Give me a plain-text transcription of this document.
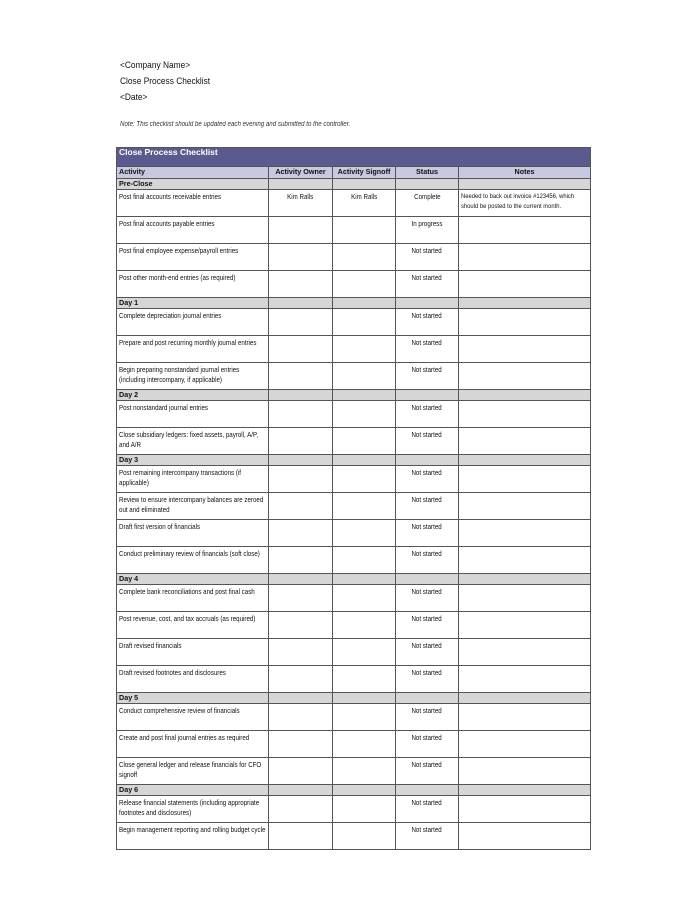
<Company Name>
Close Process Checklist
<Date>
Note: This checklist should be updated each evening and submitted to the controller.
Close Process Checklist				
Activity	Activity Owner	Activity Signoff	Status	Notes
Pre-Close				
Post final accounts receivable entries	Kim Ralls	Kim Ralls	Complete	Needed to back out invoice #123456, which should be posted to the current month.
Post final accounts payable entries			In progress	
Post final employee expense/payroll entries			Not started	
Post other month-end entries (as required)			Not started	
Day 1				
Complete depreciation journal entries			Not started	
Prepare and post recurring monthly journal entries			Not started	
Begin preparing nonstandard journal entries (including intercompany, if applicable)			Not started	
Day 2				
Post nonstandard journal entries			Not started	
Close subsidiary ledgers: fixed assets, payroll, A/P, and A/R			Not started	
Day 3				
Post remaining intercompany transactions (if applicable)			Not started	
Review to ensure intercompany balances are zeroed out and eliminated			Not started	
Draft first version of financials			Not started	
Conduct preliminary review of financials (soft close)			Not started	
Day 4				
Complete bank reconciliations and post final cash			Not started	
Post revenue, cost, and tax accruals (as required)			Not started	
Draft revised financials			Not started	
Draft revised footnotes and disclosures			Not started	
Day 5				
Conduct comprehensive review of financials			Not started	
Create and post final journal entries as required			Not started	
Close general ledger and release financials for CFO signoff			Not started	
Day 6				
Release financial statements (including appropriate footnotes and disclosures)			Not started	
Begin management reporting and rolling budget cycle			Not started	
